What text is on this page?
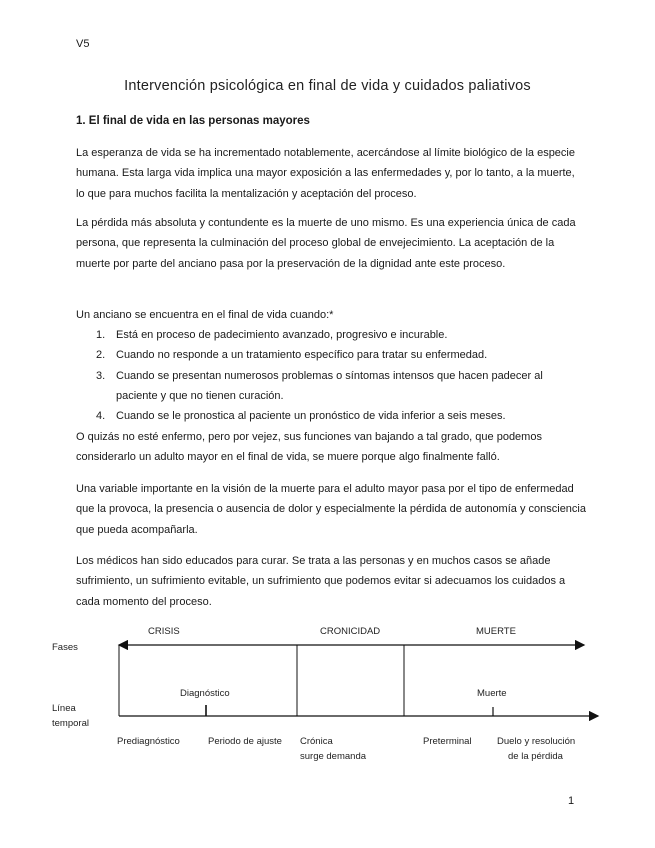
V5
Intervención psicológica en final de vida y cuidados paliativos
1. El final de vida en las personas mayores
La esperanza de vida se ha incrementado notablemente, acercándose al límite biológico de la especie humana. Esta larga vida implica una mayor exposición a las enfermedades y, por lo tanto, a la muerte, lo que para muchos facilita la mentalización y aceptación del proceso.
La pérdida más absoluta y contundente es la muerte de uno mismo. Es una experiencia única de cada persona, que representa la culminación del proceso global de envejecimiento. La aceptación de la muerte por parte del anciano pasa por la preservación de la dignidad ante este proceso.
Un anciano se encuentra en el final de vida cuando:*
1. Está en proceso de padecimiento avanzado, progresivo e incurable.
2. Cuando no responde a un tratamiento específico para tratar su enfermedad.
3. Cuando se presentan numerosos problemas o síntomas intensos que hacen padecer al paciente y que no tienen curación.
4. Cuando se le pronostica al paciente un pronóstico de vida inferior a seis meses.
O quizás no esté enfermo, pero por vejez, sus funciones van bajando a tal grado, que podemos considerarlo un adulto mayor en el final de vida, se muere porque algo finalmente falló.
Una variable importante en la visión de la muerte para el adulto mayor pasa por el tipo de enfermedad que la provoca, la presencia o ausencia de dolor y especialmente la pérdida de autonomía y consciencia que pueda acompañarla.
Los médicos han sido educados para curar. Se trata a las personas y en muchos casos se añade sufrimiento, un sufrimiento evitable, un sufrimiento que podemos evitar si adecuamos los cuidados a cada momento del proceso.
CRISIS	CRONICIDAD	MUERTE
Fases
Línea
temporal
Diagnóstico	Muerte
Prediagnóstico	Periodo de ajuste Crónica
surge demanda
Preterminal	Duelo y resolución
de la pérdida
1
